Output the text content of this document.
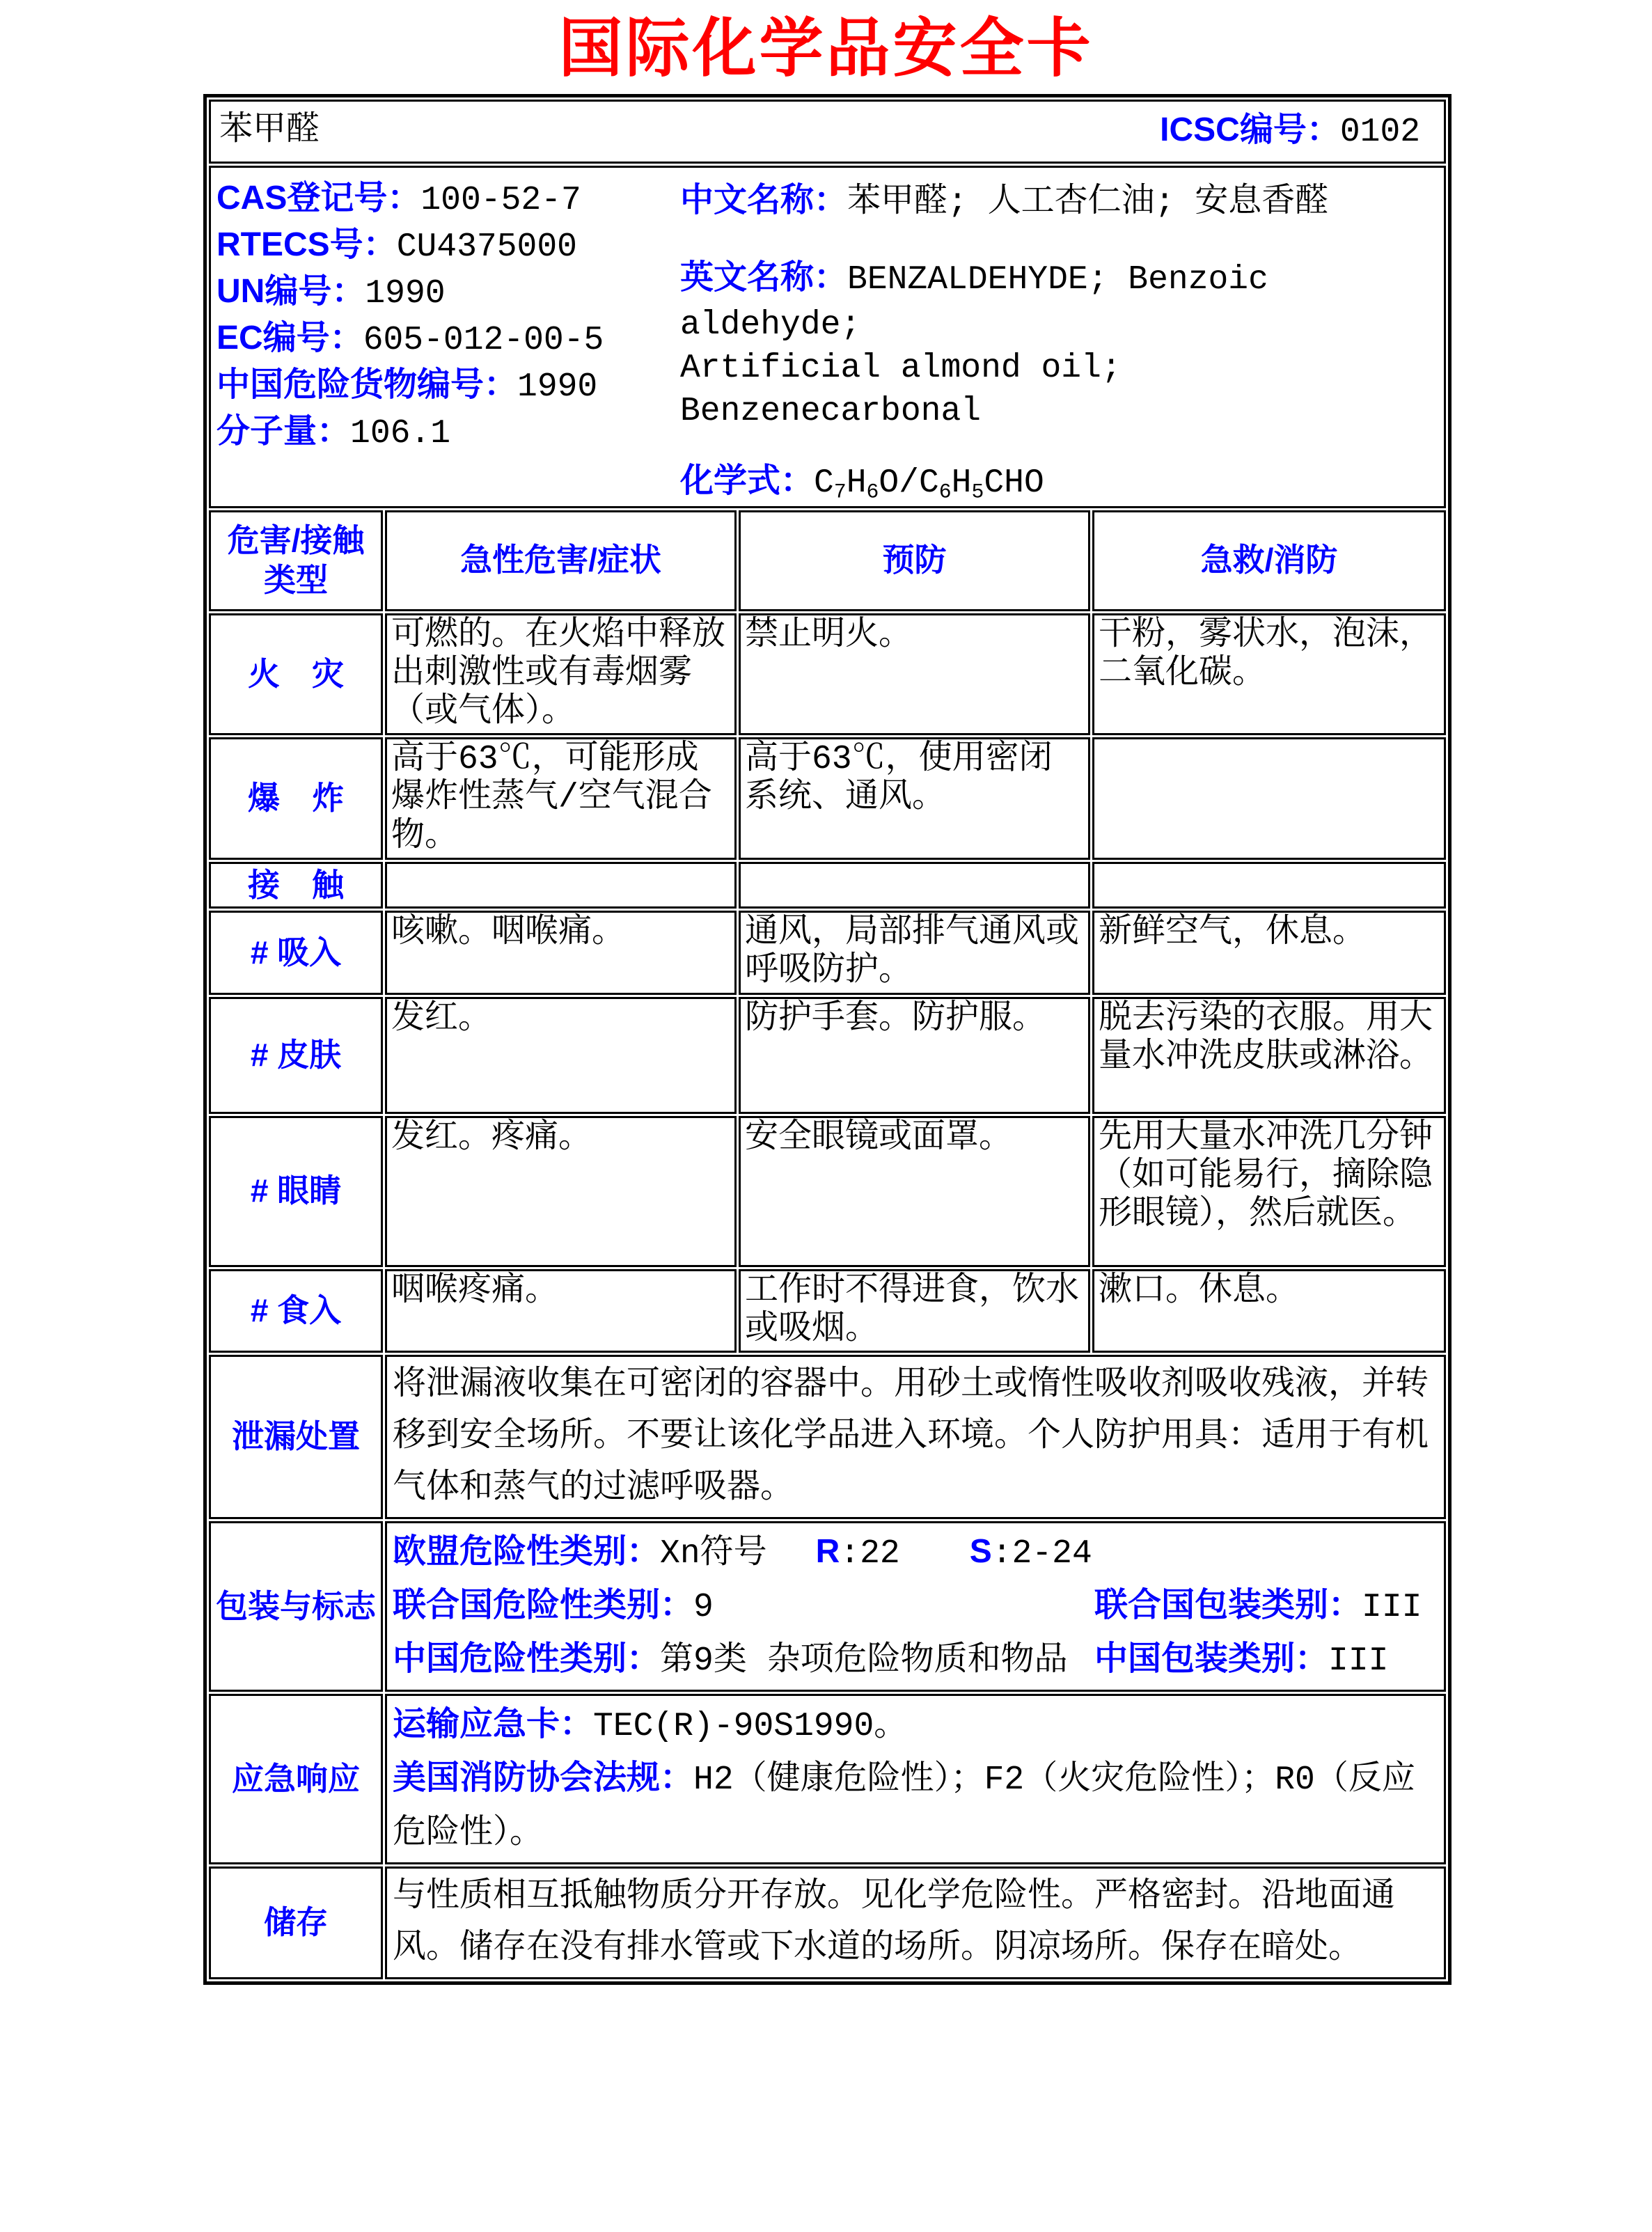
国际化学品安全卡
苯甲醛 ICSC编号：0102			

CAS登记号：100-52-7
RTECS号：CU4375000
UN编号：1990
EC编号：605-012-00-5
中国危险货物编号：1990
分子量：106.1
中文名称：苯甲醛; 人工杏仁油; 安息香醛
英文名称：BENZALDEHYDE; Benzoic aldehyde;
Artificial almond oil; Benzenecarbonal
化学式：$C_7H_6O/C_6H_5CHO$

危害/接触
类型	急性危害/症状	预防	急救/消防
火　灾	可燃的。在火焰中释放出刺激性或有毒烟雾（或气体）。	禁止明火。	干粉，雾状水，泡沫，二氧化碳。
爆　炸	高于63℃，可能形成爆炸性蒸气/空气混合物。	高于63℃，使用密闭系统、通风。	
接　触			
# 吸入	咳嗽。咽喉痛。	通风，局部排气通风或呼吸防护。	新鲜空气，休息。
# 皮肤	发红。	防护手套。防护服。	脱去污染的衣服。用大量水冲洗皮肤或淋浴。
# 眼睛	发红。疼痛。	安全眼镜或面罩。	先用大量水冲洗几分钟（如可能易行，摘除隐形眼镜），然后就医。
# 食入	咽喉疼痛。	工作时不得进食，饮水或吸烟。	漱口。休息。
泄漏处置	将泄漏液收集在可密闭的容器中。用砂土或惰性吸收剂吸收残液，并转移到安全场所。不要让该化学品进入环境。个人防护用具：适用于有机气体和蒸气的过滤呼吸器。		
包装与标志	欧盟危险性类别：Xn符号 R:22 S:2-24
联合国危险性类别：9 联合国包装类别：III
中国危险性类别：第9类 杂项危险物质和物品 中国包装类别：III		

应急响应	运输应急卡：TEC(R)-90S1990。
美国消防协会法规：H2（健康危险性）；F2（火灾危险性）；R0（反应危险性）。		

储存	与性质相互抵触物质分开存放。见化学危险性。严格密封。沿地面通风。储存在没有排水管或下水道的场所。阴凉场所。保存在暗处。		
